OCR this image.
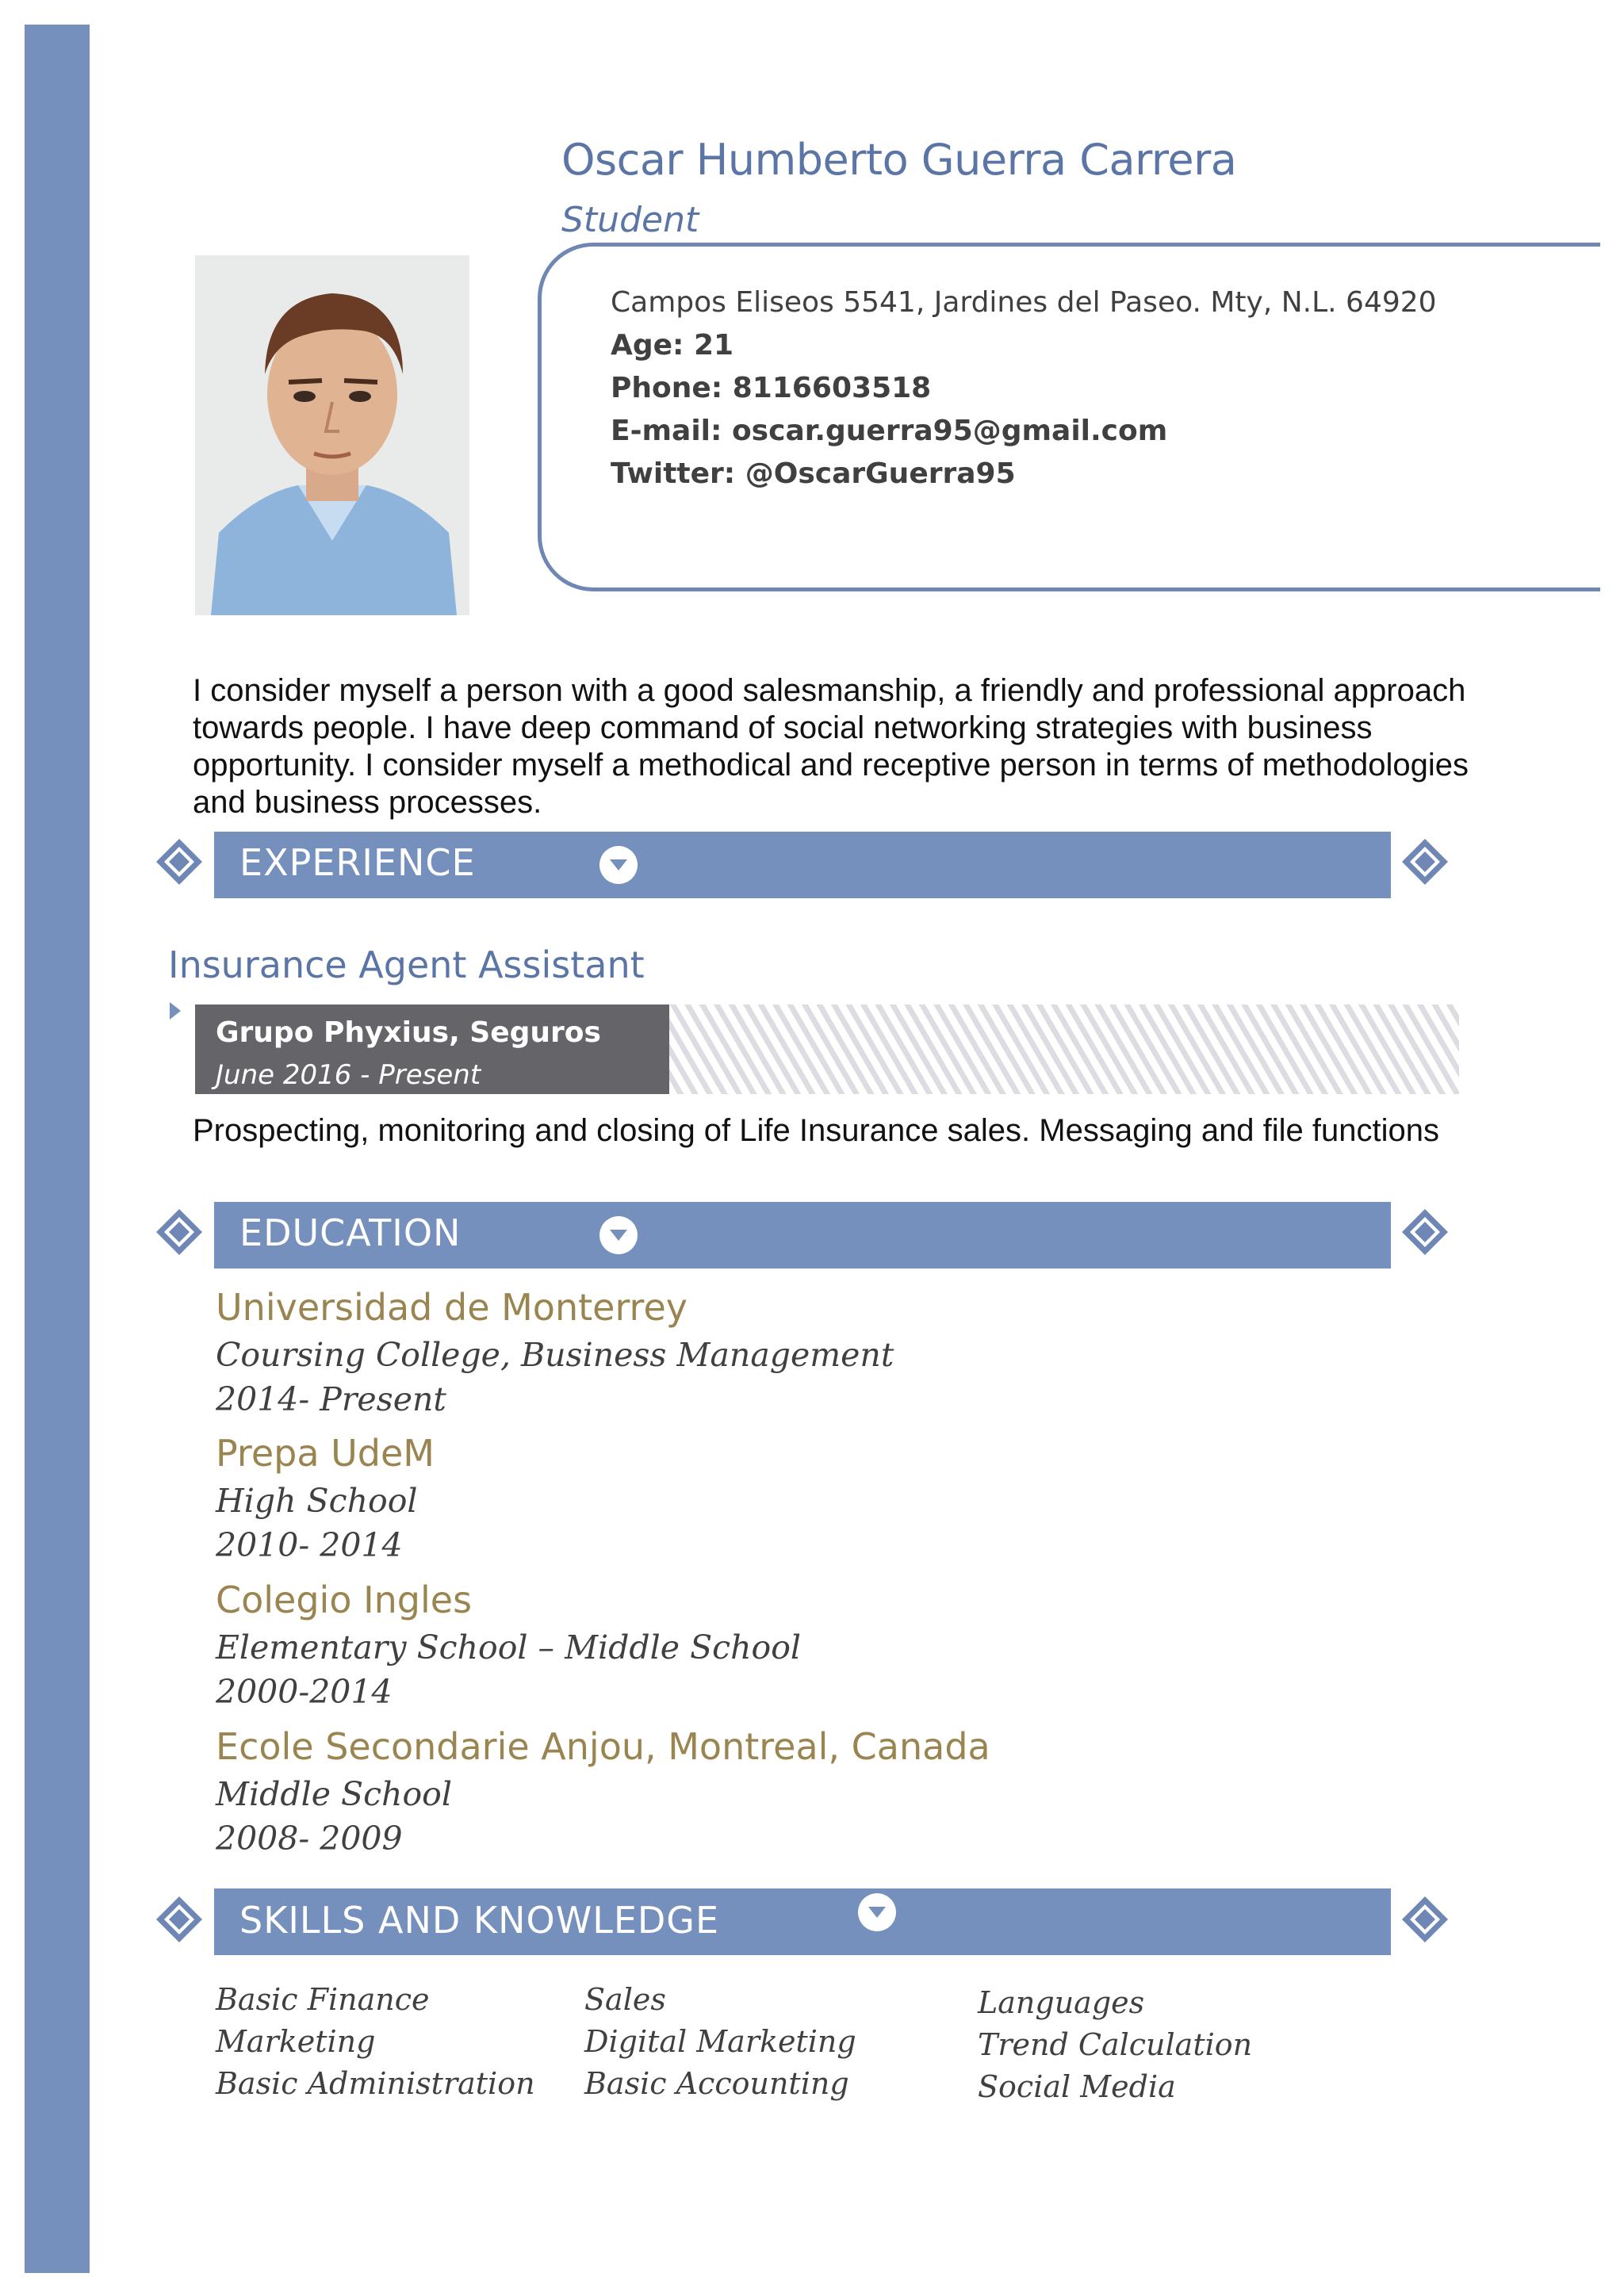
Oscar Humberto Guerra Carrera
Student
Campos Eliseos 5541, Jardines del Paseo. Mty, N.L. 64920
Age: 21
Phone: 8116603518
E-mail: oscar.guerra95@gmail.com
Twitter: @OscarGuerra95
I consider myself a person with a good salesmanship, a friendly and professional approach towards people. I have deep command of social networking strategies with business opportunity. I consider myself a methodical and receptive person in terms of methodologies and business processes.
EXPERIENCE
Insurance Agent Assistant
Grupo Phyxius, Seguros
June 2016 - Present
Prospecting, monitoring and closing of Life Insurance sales. Messaging and file functions
EDUCATION
Universidad de Monterrey
Coursing College, Business Management
2014- Present
Prepa UdeM
High School
2010- 2014
Colegio Ingles
Elementary School – Middle School
2000-2014
Ecole Secondarie Anjou, Montreal, Canada
Middle School
2008- 2009
SKILLS AND KNOWLEDGE
Basic Finance
Marketing
Basic Administration
Sales
Digital Marketing
Basic Accounting
Languages
Trend Calculation
Social Media
